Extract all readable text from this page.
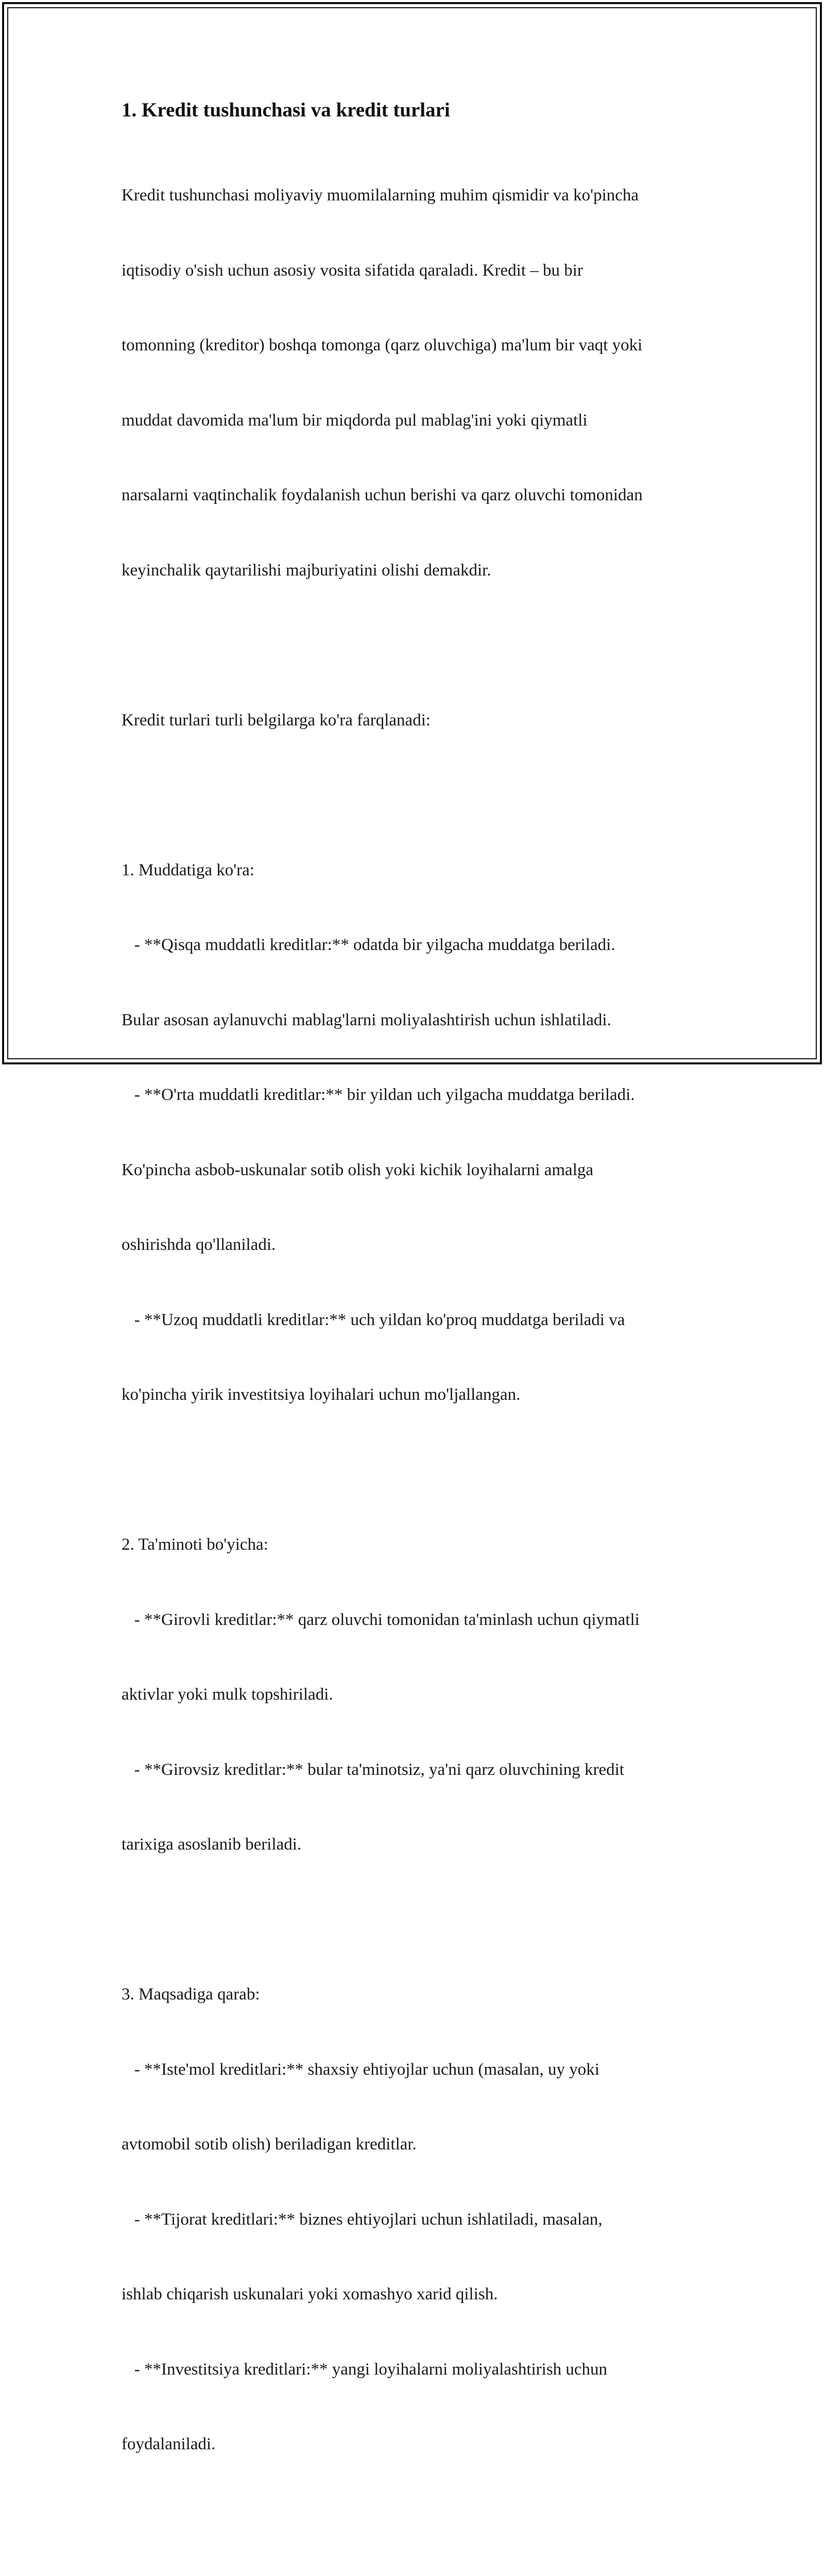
1. Kredit tushunchasi va kredit turlari

Kredit tushunchasi moliyaviy muomilalarning muhim qismidir va ko'pincha

iqtisodiy o'sish uchun asosiy vosita sifatida qaraladi. Kredit – bu bir

tomonning (kreditor) boshqa tomonga (qarz oluvchiga) ma'lum bir vaqt yoki

muddat davomida ma'lum bir miqdorda pul mablag'ini yoki qiymatli

narsalarni vaqtinchalik foydalanish uchun berishi va qarz oluvchi tomonidan

keyinchalik qaytarilishi majburiyatini olishi demakdir.

Kredit turlari turli belgilarga ko'ra farqlanadi:

1. Muddatiga ko'ra:

- **Qisqa muddatli kreditlar:** odatda bir yilgacha muddatga beriladi.

Bular asosan aylanuvchi mablag'larni moliyalashtirish uchun ishlatiladi.

- **O'rta muddatli kreditlar:** bir yildan uch yilgacha muddatga beriladi.

Ko'pincha asbob-uskunalar sotib olish yoki kichik loyihalarni amalga

oshirishda qo'llaniladi.

- **Uzoq muddatli kreditlar:** uch yildan ko'proq muddatga beriladi va

ko'pincha yirik investitsiya loyihalari uchun mo'ljallangan.

2. Ta'minoti bo'yicha:

- **Girovli kreditlar:** qarz oluvchi tomonidan ta'minlash uchun qiymatli

aktivlar yoki mulk topshiriladi.

- **Girovsiz kreditlar:** bular ta'minotsiz, ya'ni qarz oluvchining kredit

tarixiga asoslanib beriladi.

3. Maqsadiga qarab:

- **Iste'mol kreditlari:** shaxsiy ehtiyojlar uchun (masalan, uy yoki

avtomobil sotib olish) beriladigan kreditlar.

- **Tijorat kreditlari:** biznes ehtiyojlari uchun ishlatiladi, masalan,

ishlab chiqarish uskunalari yoki xomashyo xarid qilish.

- **Investitsiya kreditlari:** yangi loyihalarni moliyalashtirish uchun

foydalaniladi.
